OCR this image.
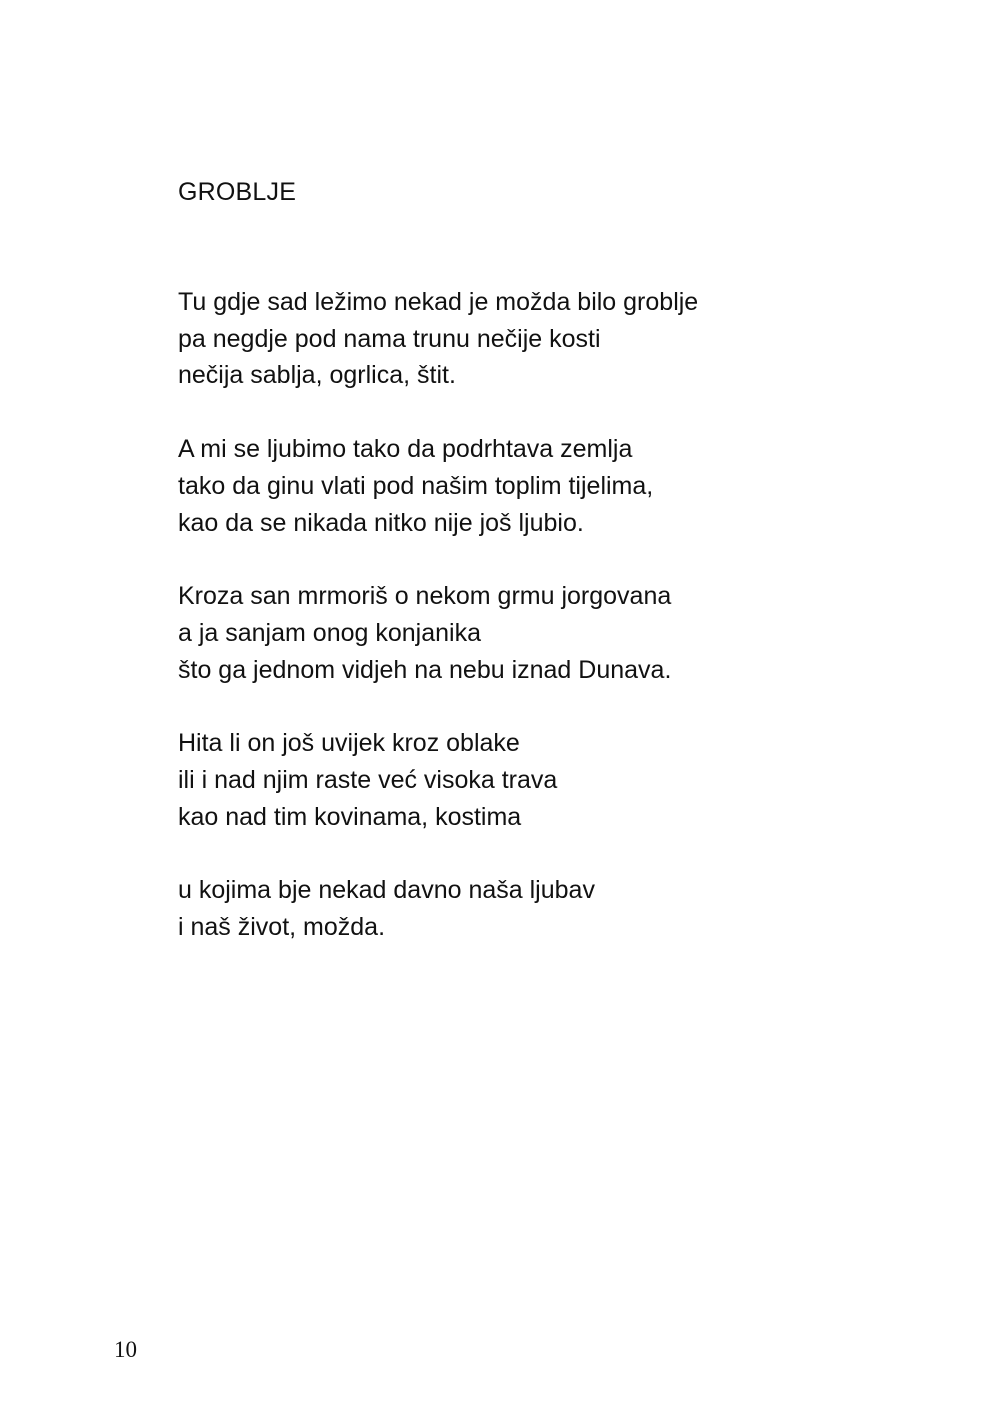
GROBLJE

Tu gdje sad ležimo nekad je možda bilo groblje
pa negdje pod nama trunu nečije kosti
nečija sablja, ogrlica, štit.

A mi se ljubimo tako da podrhtava zemlja
tako da ginu vlati pod našim toplim tijelima,
kao da se nikada nitko nije još ljubio.

Kroza san mrmoriš o nekom grmu jorgovana
a ja sanjam onog konjanika
što ga jednom vidjeh na nebu iznad Dunava.

Hita li on još uvijek kroz oblake
ili i nad njim raste već visoka trava
kao nad tim kovinama, kostima

u kojima bje nekad davno naša ljubav
i naš život, možda.

10
